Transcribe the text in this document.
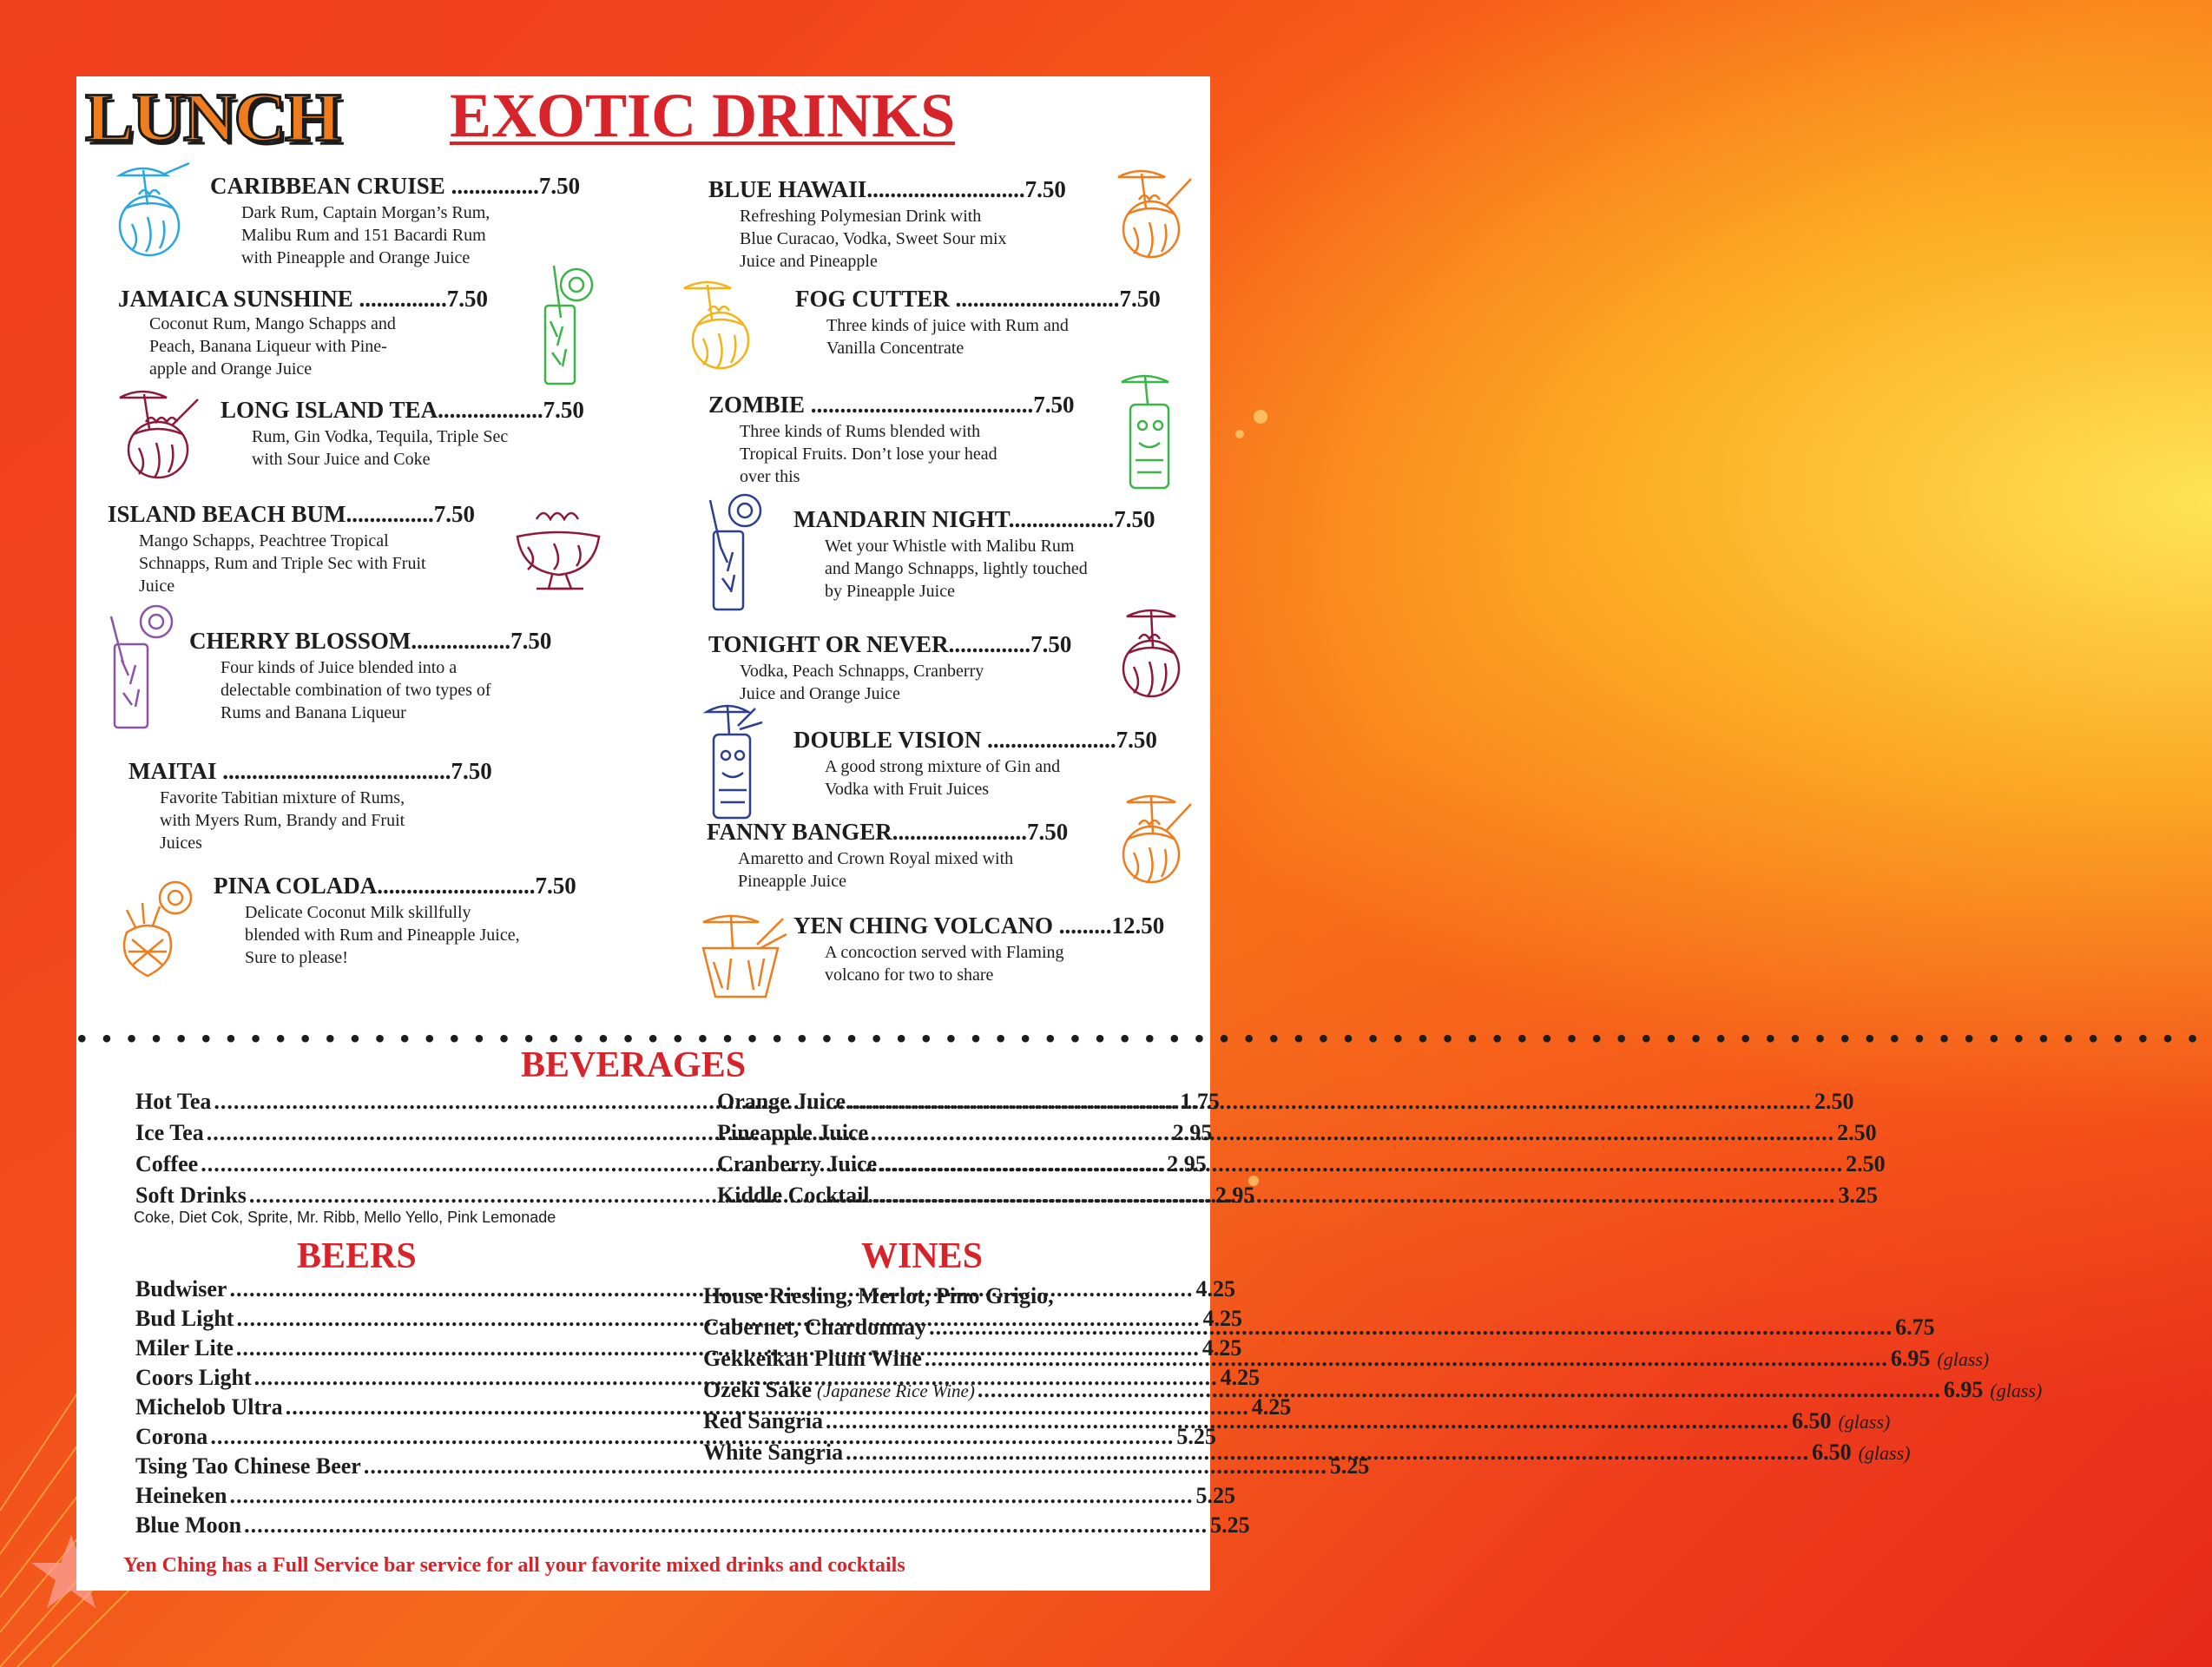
LUNCH EXOTIC DRINKS
CARIBBEAN CRUISE ...............7.50
Dark Rum, Captain Morgan’s Rum,
Malibu Rum and 151 Bacardi Rum
with Pineapple and Orange Juice
JAMAICA SUNSHINE ...............7.50
Coconut Rum, Mango Schapps and
Peach, Banana Liqueur with Pine-
apple and Orange Juice
LONG ISLAND TEA..................7.50
Rum, Gin Vodka, Tequila, Triple Sec
with Sour Juice and Coke
ISLAND BEACH BUM...............7.50
Mango Schapps, Peachtree Tropical
Schnapps, Rum and Triple Sec with Fruit
Juice
CHERRY BLOSSOM.................7.50
Four kinds of Juice blended into a
delectable combination of two types of
Rums and Banana Liqueur
MAITAI .......................................7.50
Favorite Tabitian mixture of Rums,
with Myers Rum, Brandy and Fruit
Juices
PINA COLADA...........................7.50
Delicate Coconut Milk skillfully
blended with Rum and Pineapple Juice,
Sure to please!
BLUE HAWAII...........................7.50
Refreshing Polymesian Drink with
Blue Curacao, Vodka, Sweet Sour mix
Juice and Pineapple
FOG CUTTER ............................7.50
Three kinds of juice with Rum and
Vanilla Concentrate
ZOMBIE ......................................7.50
Three kinds of Rums blended with
Tropical Fruits. Don’t lose your head
over this
MANDARIN NIGHT..................7.50
Wet your Whistle with Malibu Rum
and Mango Schnapps, lightly touched
by Pineapple Juice
TONIGHT OR NEVER..............7.50
Vodka, Peach Schnapps, Cranberry
Juice and Orange Juice
DOUBLE VISION ......................7.50
A good strong mixture of Gin and
Vodka with Fruit Juices
FANNY BANGER.......................7.50
Amaretto and Crown Royal mixed with
Pineapple Juice
YEN CHING VOLCANO .........12.50
A concoction served with Flaming
volcano for two to share
••••••••••••••••••••••••••••••••••••••••••••••••••••••••••••••••••••••••••••••••••••••
BEVERAGES
Hot Tea .....	1.75
Ice Tea .....	2.95
Coffee .....	2.95
Soft Drinks .....	2.95
Coke, Diet Cok, Sprite, Mr. Ribb, Mello Yello, Pink Lemonade
Orange Juice .....	2.50
Pineapple Juice .....	2.50
Cranberry Juice .....	2.50
Kiddle Cocktail .....	3.25
BEERS
Budwiser .....	4.25
Bud Light .....	4.25
Miler Lite .....	4.25
Coors Light .....	4.25
Michelob Ultra .....	4.25
Corona .....	5.25
Tsing Tao Chinese Beer .....	5.25
Heineken .....	5.25
Blue Moon .....	5.25
WINES
House Riesling, Merlot, Pino Grigio,
Cabernet, Chardonnay .....	6.75
Gekkeikan Plum Wine .....	6.95 (glass)
Ozeki Sake (Japanese Rice Wine) .....	6.95 (glass)
Red Sangria .....	6.50 (glass)
White Sangria .....	6.50 (glass)
Yen Ching has a Full Service bar service for all your favorite mixed drinks and cocktails
